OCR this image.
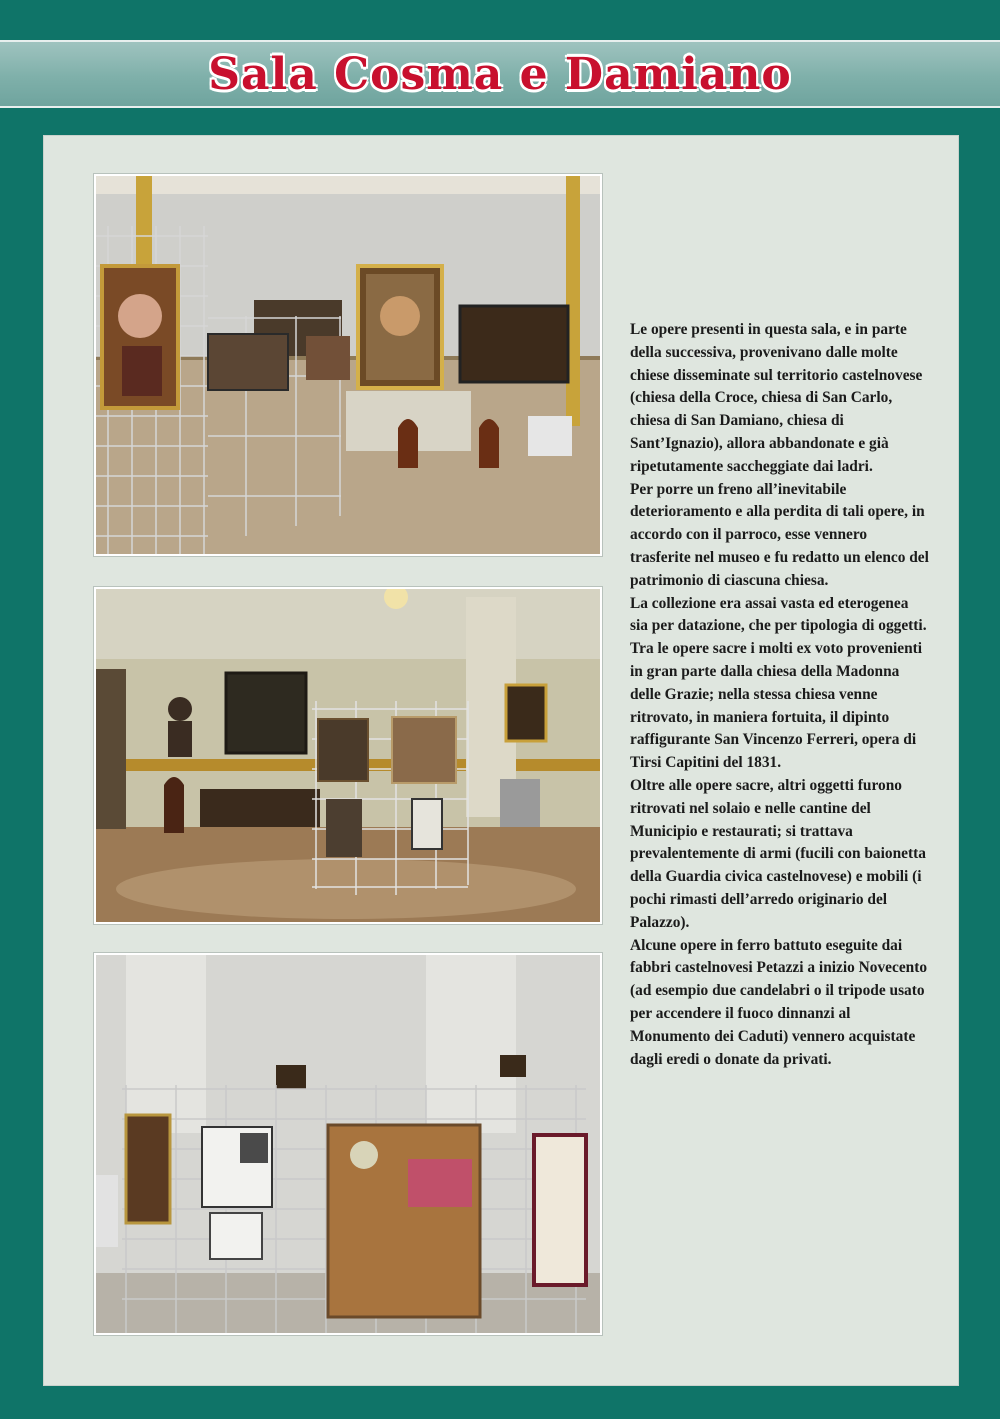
Sala Cosma e Damiano

Le opere presenti in questa sala, e in parte della successiva, provenivano dalle molte chiese disseminate sul territorio castelnovese (chiesa della Croce, chiesa di San Carlo, chiesa di San Damiano, chiesa di Sant’Ignazio), allora abbandonate e già ripetutamente saccheggiate dai ladri.

Per porre un freno all’inevitabile deterioramento e alla perdita di tali opere, in accordo con il parroco, esse vennero trasferite nel museo e fu redatto un elenco del patrimonio di ciascuna chiesa.

La collezione era assai vasta ed eterogenea sia per datazione, che per tipologia di oggetti.

Tra le opere sacre i molti ex voto provenienti in gran parte dalla chiesa della Madonna delle Grazie; nella stessa chiesa venne ritrovato, in maniera fortuita, il dipinto raffigurante San Vincenzo Ferreri, opera di Tirsi Capitini del 1831.

Oltre alle opere sacre, altri oggetti furono ritrovati nel solaio e nelle cantine del Municipio e restaurati; si trattava prevalentemente di armi (fucili con baionetta della Guardia civica castelnovese) e mobili (i pochi rimasti dell’arredo originario del Palazzo).

Alcune opere in ferro battuto eseguite dai fabbri castelnovesi Petazzi a inizio Novecento (ad esempio due candelabri o il tripode usato per accendere il fuoco dinnanzi al Monumento dei Caduti) vennero acquistate dagli eredi o donate da privati.
